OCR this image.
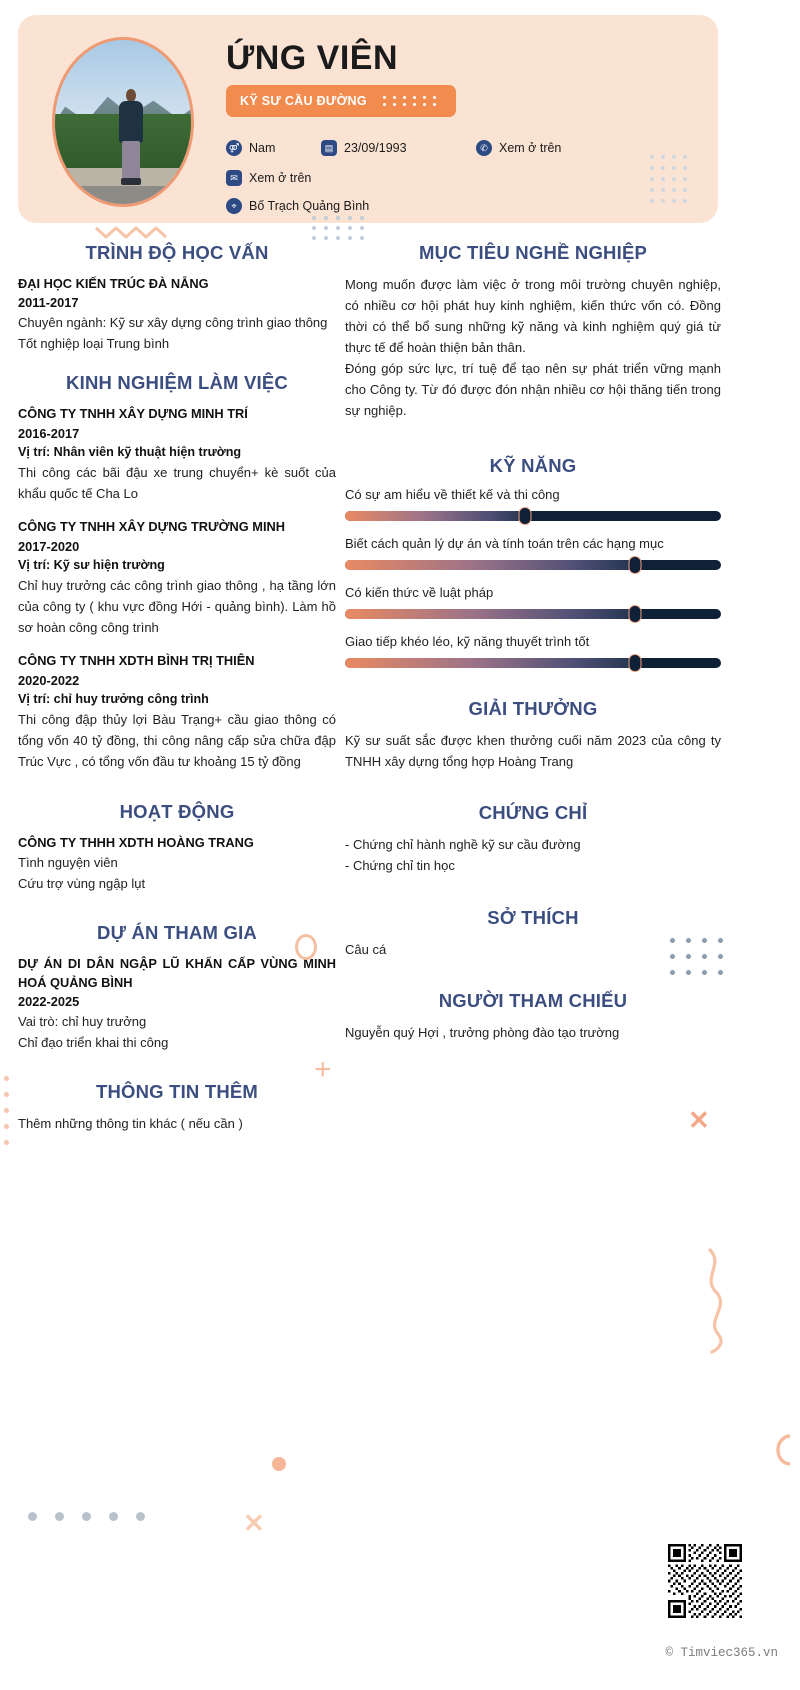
ỨNG VIÊN
KỸ SƯ CẦU ĐƯỜNG
⚤ Nam	▤ 23/09/1993	✆ Xem ở trên
✉ Xem ở trên
⌖ Bố Trạch Quảng Bình
TRÌNH ĐỘ HỌC VẤN
ĐẠI HỌC KIẾN TRÚC ĐÀ NẴNG
2011-2017
Chuyên ngành: Kỹ sư xây dựng công trình giao thông
Tốt nghiệp loại Trung bình
KINH NGHIỆM LÀM VIỆC
CÔNG TY TNHH XÂY DỰNG MINH TRÍ
2016-2017
Vị trí: Nhân viên kỹ thuật hiện trường
Thi công các bãi đậu xe trung chuyển+ kè suốt của khẩu quốc tế Cha Lo
CÔNG TY TNHH XÂY DỰNG TRƯỜNG MINH
2017-2020
Vị trí: Kỹ sư hiện trường
Chỉ huy trưởng các công trình giao thông , hạ tầng lớn của công ty ( khu vực đồng Hới - quảng bình). Làm hồ sơ hoàn công công trình
CÔNG TY TNHH XDTH BÌNH TRỊ THIÊN
2020-2022
Vị trí: chỉ huy trưởng công trình
Thi công đập thủy lợi Bàu Trạng+ cầu giao thông có tổng vốn 40 tỷ đồng, thi công nâng cấp sửa chữa đập Trúc Vực , có tổng vốn đầu tư khoảng 15 tỷ đồng
HOẠT ĐỘNG
CÔNG TY THHH XDTH HOÀNG TRANG
Tình nguyện viên
Cứu trợ vùng ngập lụt
DỰ ÁN THAM GIA
DỰ ÁN DI DÂN NGẬP LŨ KHẨN CẤP VÙNG MINH HOÁ QUẢNG BÌNH
2022-2025
Vai trò: chỉ huy trưởng
Chỉ đạo triển khai thi công
THÔNG TIN THÊM
Thêm những thông tin khác ( nếu cần )
MỤC TIÊU NGHỀ NGHIỆP
Mong muốn được làm việc ở trong môi trường chuyên nghiệp, có nhiều cơ hội phát huy kinh nghiệm, kiến thức vốn có. Đồng thời có thể bổ sung những kỹ năng và kinh nghiệm quý giá từ thực tế để hoàn thiện bản thân.
Đóng góp sức lực, trí tuệ để tạo nên sự phát triển vững mạnh cho Công ty. Từ đó được đón nhận nhiều cơ hội thăng tiến trong sự nghiệp.
KỸ NĂNG
Có sự am hiểu về thiết kế và thi công
Biết cách quản lý dự án và tính toán trên các hạng mục
Có kiến thức về luật pháp
Giao tiếp khéo léo, kỹ năng thuyết trình tốt
GIẢI THƯỞNG
Kỹ sư suất sắc được khen thưởng cuối năm 2023 của công ty TNHH xây dựng tổng hợp Hoàng Trang
CHỨNG CHỈ
- Chứng chỉ hành nghề kỹ sư cầu đường
- Chứng chỉ tin học
SỞ THÍCH
Câu cá
NGƯỜI THAM CHIẾU
Nguyễn quý Hợi , trưởng phòng đào tạo trường
+
✕
✕
© Timviec365.vn
